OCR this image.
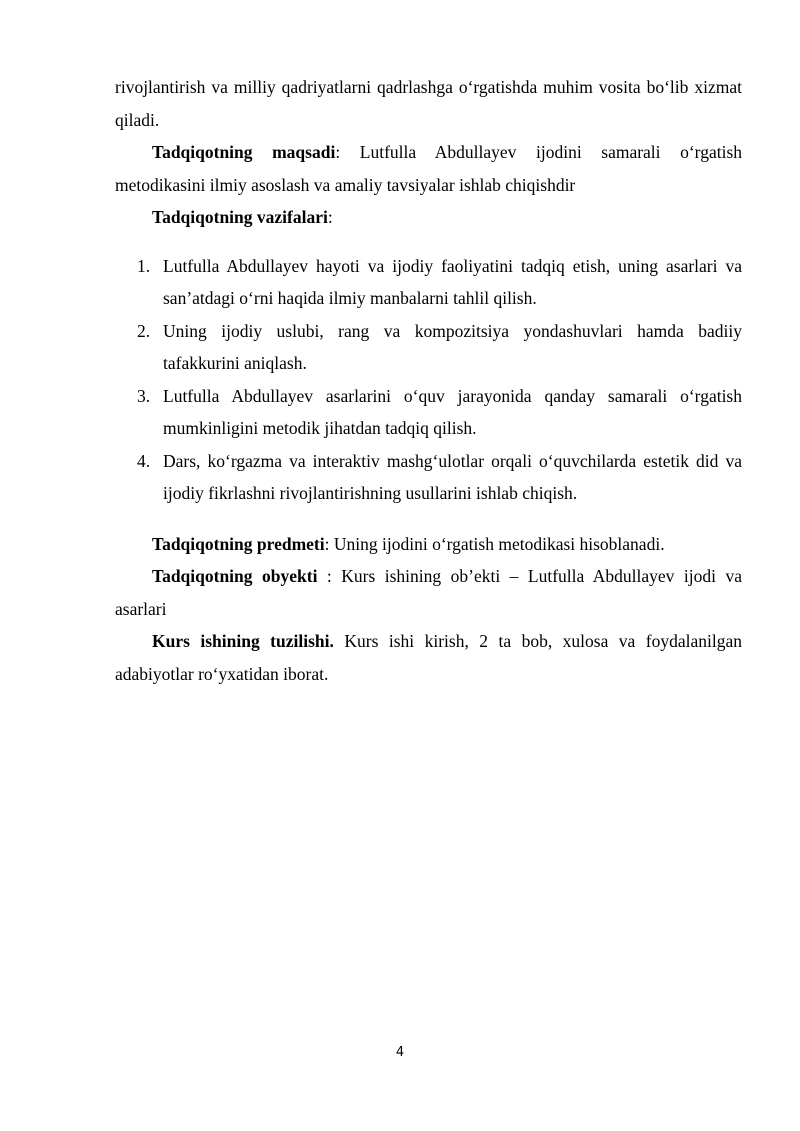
rivojlantirish va milliy qadriyatlarni qadrlashga o‘rgatishda muhim vosita bo‘lib xizmat qiladi.

Tadqiqotning maqsadi: Lutfulla Abdullayev ijodini samarali o‘rgatish metodikasini ilmiy asoslash va amaliy tavsiyalar ishlab chiqishdir

Tadqiqotning vazifalari:

1. Lutfulla Abdullayev hayoti va ijodiy faoliyatini tadqiq etish, uning asarlari va san’atdagi o‘rni haqida ilmiy manbalarni tahlil qilish.
2. Uning ijodiy uslubi, rang va kompozitsiya yondashuvlari hamda badiiy tafakkurini aniqlash.
3. Lutfulla Abdullayev asarlarini o‘quv jarayonida qanday samarali o‘rgatish mumkinligini metodik jihatdan tadqiq qilish.
4. Dars, ko‘rgazma va interaktiv mashg‘ulotlar orqali o‘quvchilarda estetik did va ijodiy fikrlashni rivojlantirishning usullarini ishlab chiqish.

Tadqiqotning predmeti: Uning ijodini o‘rgatish metodikasi hisoblanadi.

Tadqiqotning obyekti : Kurs ishining ob’ekti – Lutfulla Abdullayev ijodi va asarlari

Kurs ishining tuzilishi. Kurs ishi kirish, 2 ta bob, xulosa va foydalanilgan adabiyotlar ro‘yxatidan iborat.

4
